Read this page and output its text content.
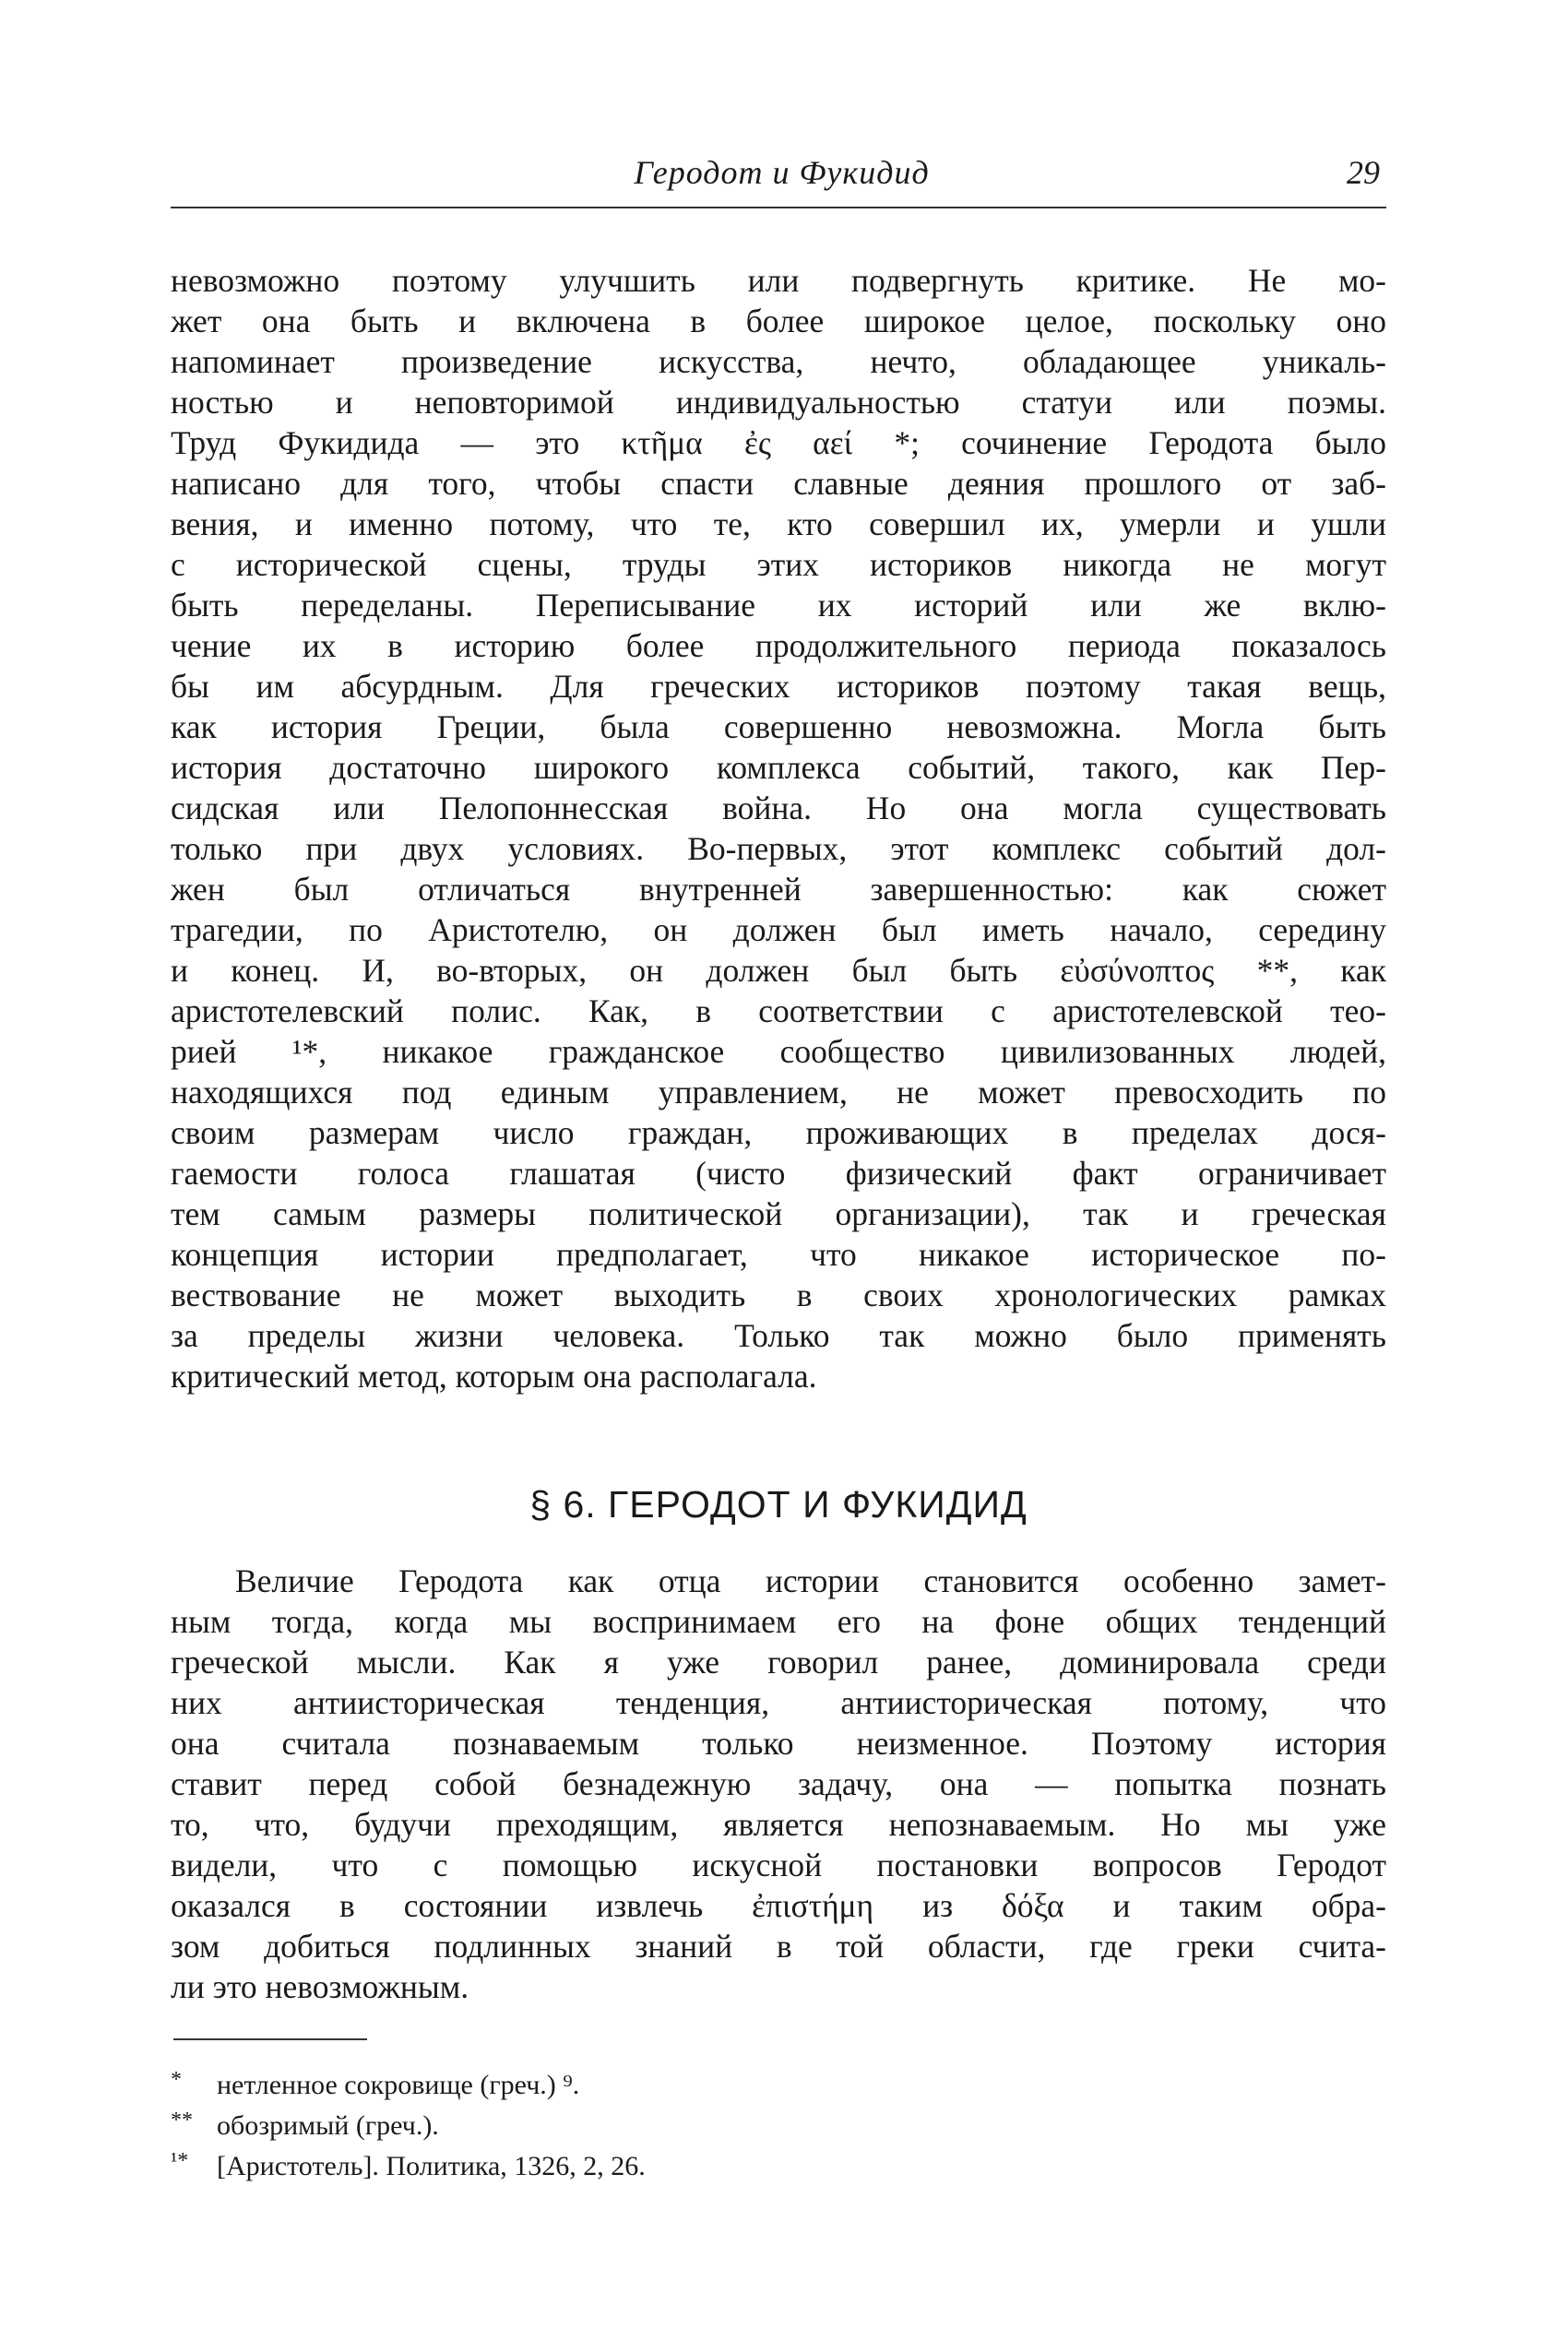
Геродот и Фукидид	29
невозможно поэтому улучшить или подвергнуть критике. Не мо-
жет она быть и включена в более широкое целое, поскольку оно
напоминает произведение искусства, нечто, обладающее уникаль-
ностью и неповторимой индивидуальностью статуи или поэмы.
Труд Фукидида — это κτῆμα ἐς αεί *; сочинение Геродота было
написано для того, чтобы спасти славные деяния прошлого от заб-
вения, и именно потому, что те, кто совершил их, умерли и ушли
с исторической сцены, труды этих историков никогда не могут
быть переделаны. Переписывание их историй или же вклю-
чение их в историю более продолжительного периода показалось
бы им абсурдным. Для греческих историков поэтому такая вещь,
как история Греции, была совершенно невозможна. Могла быть
история достаточно широкого комплекса событий, такого, как Пер-
сидская или Пелопоннесская война. Но она могла существовать
только при двух условиях. Во-первых, этот комплекс событий дол-
жен был отличаться внутренней завершенностью: как сюжет
трагедии, по Аристотелю, он должен был иметь начало, середину
и конец. И, во-вторых, он должен был быть εὐσύνοπτος **, как
аристотелевский полис. Как, в соответствии с аристотелевской тео-
рией ¹*, никакое гражданское сообщество цивилизованных людей,
находящихся под единым управлением, не может превосходить по
своим размерам число граждан, проживающих в пределах дося-
гаемости голоса глашатая (чисто физический факт ограничивает
тем самым размеры политической организации), так и греческая
концепция истории предполагает, что никакое историческое по-
вествование не может выходить в своих хронологических рамках
за пределы жизни человека. Только так можно было применять
критический метод, которым она располагала.
§ 6. ГЕРОДОТ И ФУКИДИД
Величие Геродота как отца истории становится особенно замет-
ным тогда, когда мы воспринимаем его на фоне общих тенденций
греческой мысли. Как я уже говорил ранее, доминировала среди
них антиисторическая тенденция, антиисторическая потому, что
она считала познаваемым только неизменное. Поэтому история
ставит перед собой безнадежную задачу, она — попытка познать
то, что, будучи преходящим, является непознаваемым. Но мы уже
видели, что с помощью искусной постановки вопросов Геродот
оказался в состоянии извлечь ἐπιστήμη из δόξα и таким обра-
зом добиться подлинных знаний в той области, где греки счита-
ли это невозможным.
* нетленное сокровище (греч.) ⁹.
** обозримый (греч.).
¹* [Аристотель]. Политика, 1326, 2, 26.
